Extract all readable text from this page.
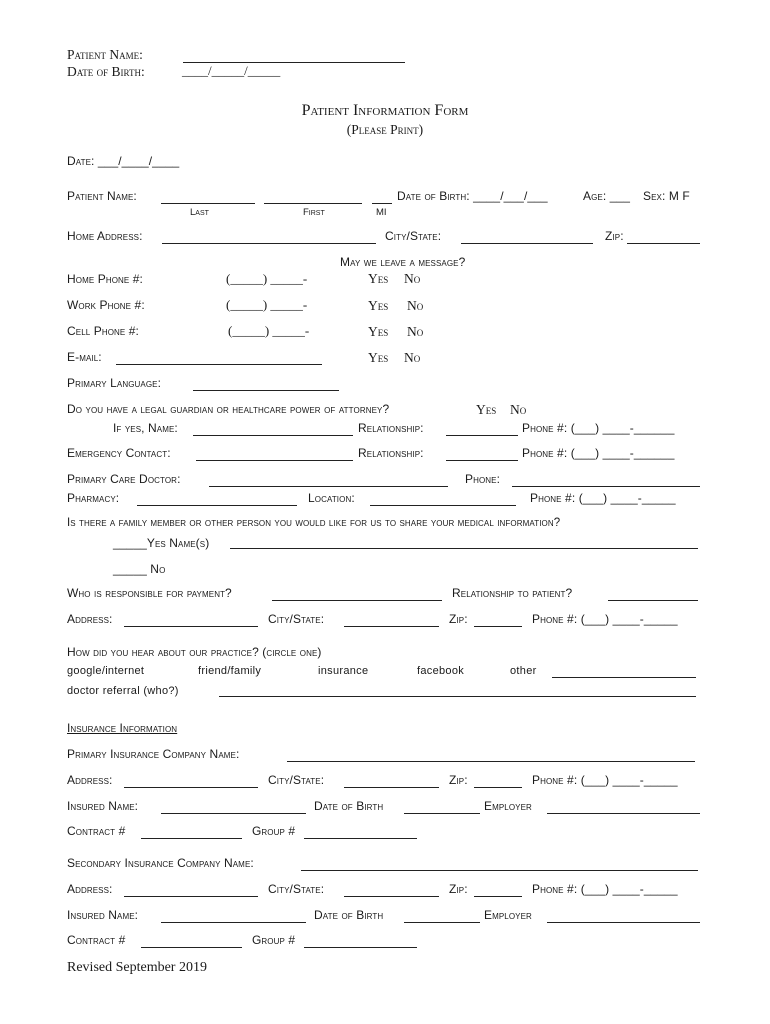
Patient Name:
Date of Birth:	____/_____/_____
Patient Information Form
(Please Print)
Date: ___/____/____
Patient Name:
Last	First	MI
Date of Birth: ____/___/___	Age: ___ Sex: M F
Home Address:	City/State:	Zip:
May we leave a message?
Home Phone #:	(_____) _____-	Yes No
Work Phone #:	(_____) _____-	Yes No
Cell Phone #:	(_____) _____-	Yes No
E-mail:	Yes No
Primary Language:
Do you have a legal guardian or healthcare power of attorney?	Yes No
If yes, Name:	Relationship:	Phone #: (___) ____-______
Emergency Contact:	Relationship:	Phone #: (___) ____-______
Primary Care Doctor:	Phone:
Pharmacy:	Location:	Phone #: (___) ____-_____
Is there a family member or other person you would like for us to share your medical information?
_____Yes Name(s)
_____ No
Who is responsible for payment?	Relationship to patient?
Address:	City/State:	Zip:	Phone #: (___) ____-_____
How did you hear about our practice? (circle one)
google/internet	friend/family	insurance	facebook	other
doctor referral (who?)
Insurance Information
Primary Insurance Company Name:
Address:	City/State:	Zip:	Phone #: (___) ____-_____
Insured Name:	Date of Birth	Employer
Contract #	Group #
Secondary Insurance Company Name:
Address:	City/State:	Zip:	Phone #: (___) ____-_____
Insured Name:	Date of Birth	Employer
Contract #	Group #
Revised September 2019
